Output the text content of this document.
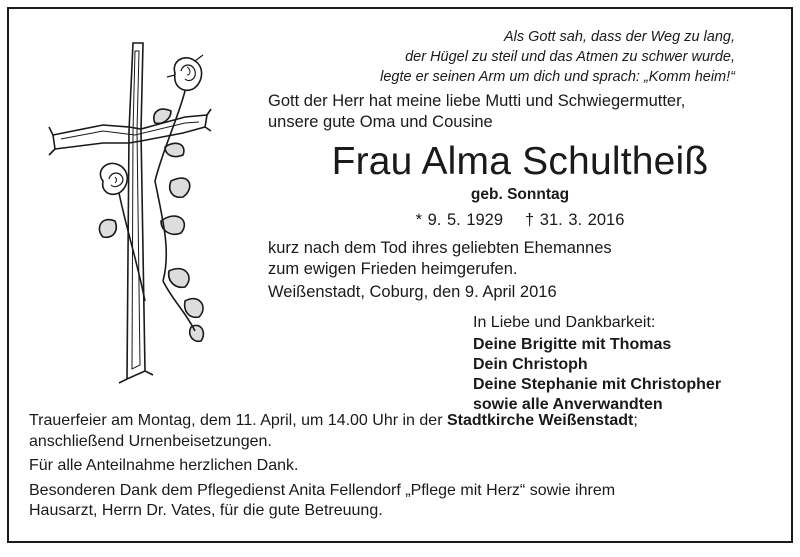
Als Gott sah, dass der Weg zu lang,
der Hügel zu steil und das Atmen zu schwer wurde,
legte er seinen Arm um dich und sprach: „Komm heim!“
Gott der Herr hat meine liebe Mutti und Schwiegermutter,
unsere gute Oma und Cousine
Frau Alma Schultheiß
geb. Sonntag
* 9. 5. 1929 † 31. 3. 2016
kurz nach dem Tod ihres geliebten Ehemannes
zum ewigen Frieden heimgerufen.
Weißenstadt, Coburg, den 9. April 2016
In Liebe und Dankbarkeit:
Deine Brigitte mit Thomas
Dein Christoph
Deine Stephanie mit Christopher
sowie alle Anverwandten

Trauerfeier am Montag, dem 11. April, um 14.00 Uhr in der Stadtkirche Weißenstadt;

anschließend Urnenbeisetzungen.

Für alle Anteilnahme herzlichen Dank.

Besonderen Dank dem Pflegedienst Anita Fellendorf „Pflege mit Herz“ sowie ihrem

Hausarzt, Herrn Dr. Vates, für die gute Betreuung.
